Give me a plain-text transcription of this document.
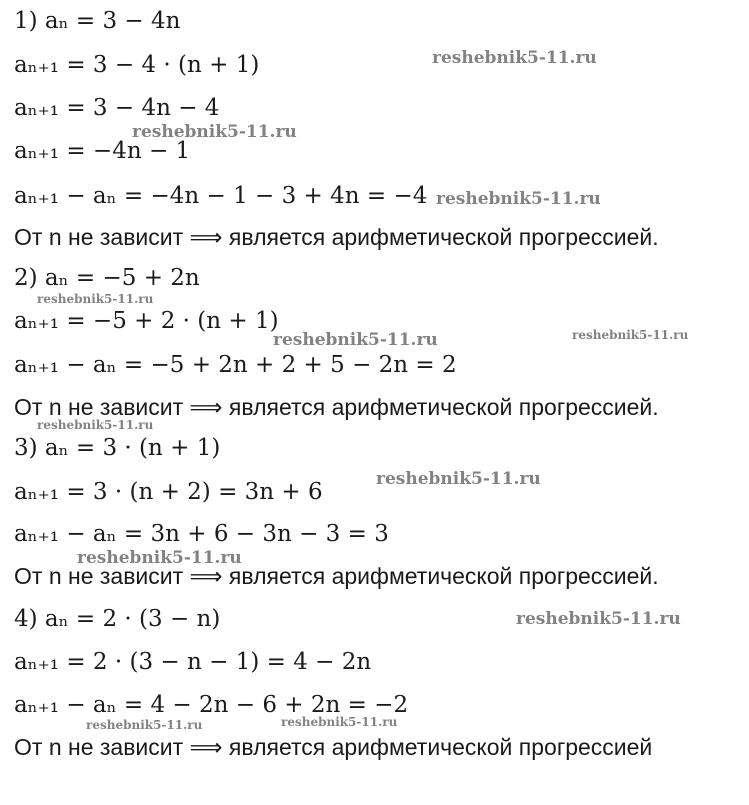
1) aₙ = 3 − 4n
aₙ₊₁ = 3 − 4 · (n + 1)
aₙ₊₁ = 3 − 4n − 4
aₙ₊₁ = −4n − 1
aₙ₊₁ − aₙ = −4n − 1 − 3 + 4n = −4
От n не зависит ⟹ является арифметической прогрессией.
2) aₙ = −5 + 2n
aₙ₊₁ = −5 + 2 · (n + 1)
aₙ₊₁ − aₙ = −5 + 2n + 2 + 5 − 2n = 2
От n не зависит ⟹ является арифметической прогрессией.
3) aₙ = 3 · (n + 1)
aₙ₊₁ = 3 · (n + 2) = 3n + 6
aₙ₊₁ − aₙ = 3n + 6 − 3n − 3 = 3
От n не зависит ⟹ является арифметической прогрессией.
4) aₙ = 2 · (3 − n)
aₙ₊₁ = 2 · (3 − n − 1) = 4 − 2n
aₙ₊₁ − aₙ = 4 − 2n − 6 + 2n = −2
От n не зависит ⟹ является арифметической прогрессией
reshebnik5-11.ru
reshebnik5-11.ru
reshebnik5-11.ru
reshebnik5-11.ru
reshebnik5-11.ru	reshebnik5-11.ru
reshebnik5-11.ru
reshebnik5-11.ru
reshebnik5-11.ru
reshebnik5-11.ru
reshebnik5-11.ru	reshebnik5-11.ru
